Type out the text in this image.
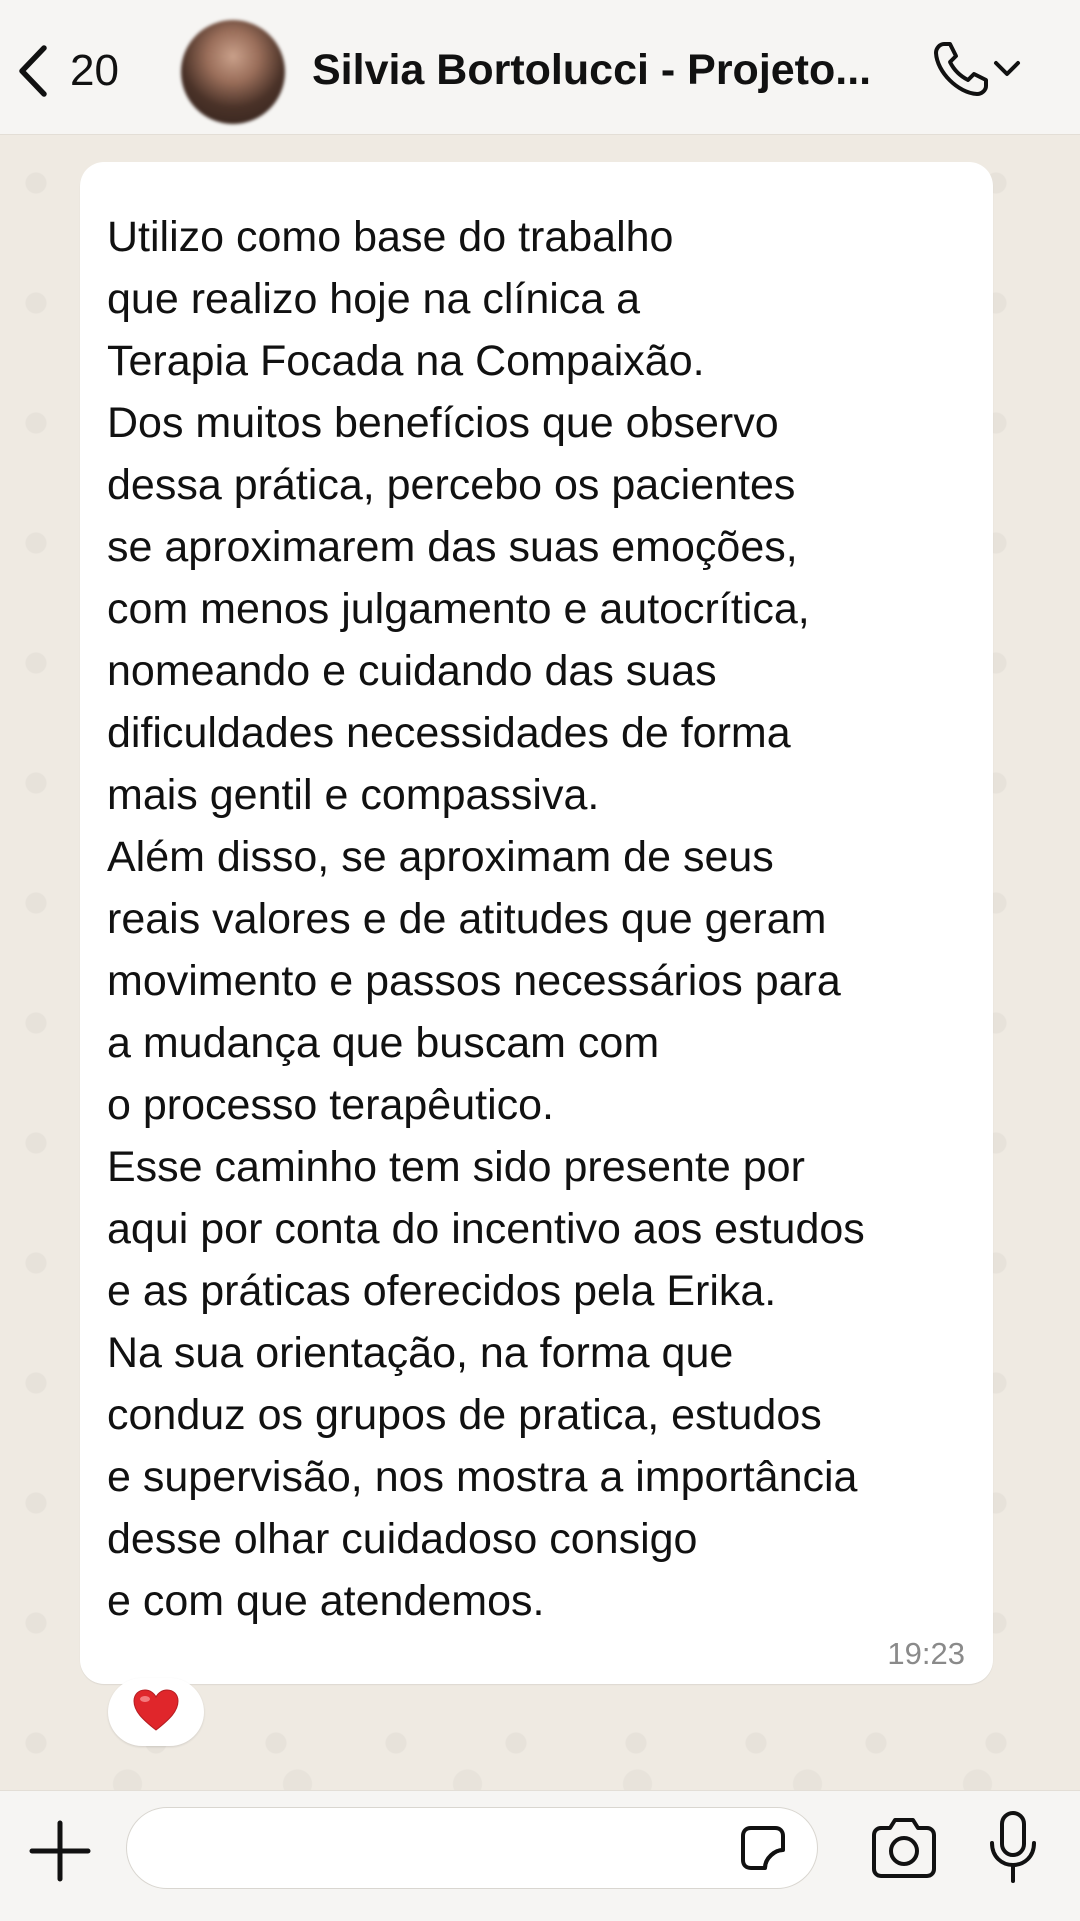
20	Silvia Bortolucci - Projeto...

Utilizo como base do trabalho
que realizo hoje na clínica a
Terapia Focada na Compaixão.
Dos muitos benefícios que observo
dessa prática, percebo os pacientes
se aproximarem das suas emoções,
com menos julgamento e autocrítica,
nomeando e cuidando das suas
dificuldades necessidades de forma
mais gentil e compassiva.
Além disso, se aproximam de seus
reais valores e de atitudes que geram
movimento e passos necessários para
a mudança que buscam com
o processo terapêutico.
Esse caminho tem sido presente por
aqui por conta do incentivo aos estudos
e as práticas oferecidos pela Erika.
Na sua orientação, na forma que
conduz os grupos de pratica, estudos
e supervisão, nos mostra a importância
desse olhar cuidadoso consigo
e com que atendemos.

19:23
